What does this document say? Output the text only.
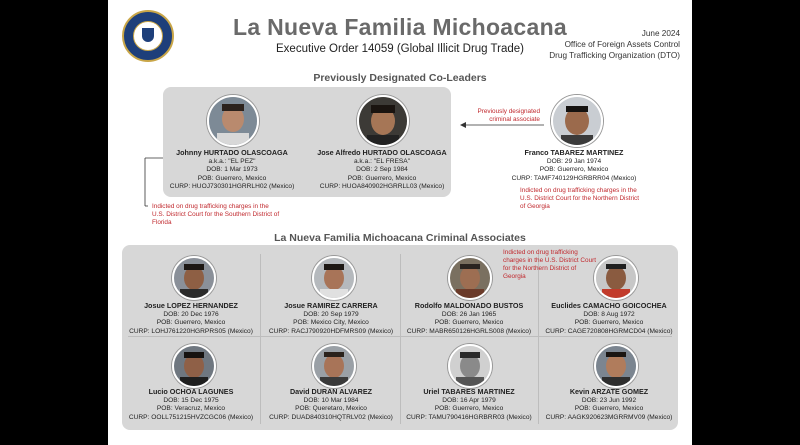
La Nueva Familia Michoacana
Executive Order 14059 (Global Illicit Drug Trade)
June 2024
Office of Foreign Assets Control
Drug Trafficking Organization (DTO)
Previously Designated Co-Leaders
Johnny HURTADO OLASCOAGA
a.k.a.: "EL PEZ"
DOB: 1 Mar 1973
POB: Guerrero, Mexico
CURP: HUOJ730301HGRRLH02 (Mexico)
Jose Alfredo HURTADO OLASCOAGA
a.k.a.: "EL FRESA"
DOB: 2 Sep 1984
POB: Guerrero, Mexico
CURP: HUOA840902HGRRLL03 (Mexico)
Franco TABAREZ MARTINEZ
DOB: 29 Jan 1974
POB: Guerrero, Mexico
CURP: TAMF740129HGRBRR04 (Mexico)
Previously designated
criminal associate
Indicted on drug trafficking charges in the
U.S. District Court for the Northern District
of Georgia
Indicted on drug trafficking charges in the
U.S. District Court for the Southern District of
Florida
La Nueva Familia Michoacana Criminal Associates
Josue LOPEZ HERNANDEZ
DOB: 20 Dec 1976
POB: Guerrero, Mexico
CURP: LOHJ761220HGRPRS05 (Mexico)
Josue RAMIREZ CARRERA
DOB: 20 Sep 1979
POB: Mexico City, Mexico
CURP: RACJ790920HDFMRS09 (Mexico)
Rodolfo MALDONADO BUSTOS
DOB: 26 Jan 1965
POB: Guerrero, Mexico
CURP: MABR650126HGRLS008 (Mexico)
Euclides CAMACHO GOICOCHEA
DOB: 8 Aug 1972
POB: Guerrero, Mexico
CURP: CAGE720808HGRMCD04 (Mexico)
Indicted on drug trafficking
charges in the U.S. District Court
for the Northern District of
Georgia
Lucio OCHOA LAGUNES
DOB: 15 Dec 1975
POB: Veracruz, Mexico
CURP: OOLL751215HVZCGC06 (Mexico)
David DURAN ALVAREZ
DOB: 10 Mar 1984
POB: Queretaro, Mexico
CURP: DUAD840310HQTRLV02 (Mexico)
Uriel TABARES MARTINEZ
DOB: 16 Apr 1979
POB: Guerrero, Mexico
CURP: TAMU790416HGRBRR03 (Mexico)
Kevin ARZATE GOMEZ
DOB: 23 Jun 1992
POB: Guerrero, Mexico
CURP: AAGK920623MGRRMV09 (Mexico)
